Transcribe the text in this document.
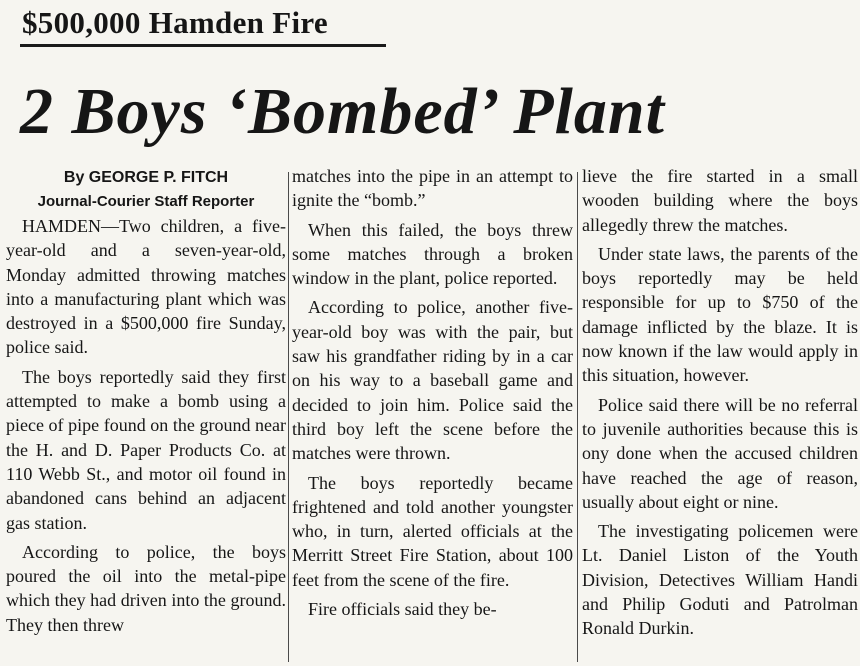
$500,000 Hamden Fire
2 Boys ‘Bombed’ Plant
By GEORGE P. FITCH
Journal-Courier Staff Reporter

HAMDEN—Two children, a five-year-old and a seven-year-old, Monday admitted throwing matches into a manufacturing plant which was destroyed in a $500,000 fire Sunday, police said.

The boys reportedly said they first attempted to make a bomb using a piece of pipe found on the ground near the H. and D. Paper Products Co. at 110 Webb St., and motor oil found in abandoned cans behind an adjacent gas station.

According to police, the boys poured the oil into the metal-pipe which they had driven into the ground. They then threw

matches into the pipe in an attempt to ignite the “bomb.”

When this failed, the boys threw some matches through a broken window in the plant, police reported.

According to police, another five-year-old boy was with the pair, but saw his grandfather riding by in a car on his way to a baseball game and decided to join him. Police said the third boy left the scene before the matches were thrown.

The boys reportedly became frightened and told another youngster who, in turn, alerted officials at the Merritt Street Fire Station, about 100 feet from the scene of the fire.

Fire officials said they be-

lieve the fire started in a small wooden building where the boys allegedly threw the matches.

Under state laws, the parents of the boys reportedly may be held responsible for up to $750 of the damage inflicted by the blaze. It is now known if the law would apply in this situation, however.

Police said there will be no referral to juvenile authorities because this is ony done when the accused children have reached the age of reason, usually about eight or nine.

The investigating policemen were Lt. Daniel Liston of the Youth Division, Detectives William Handi and Philip Goduti and Patrolman Ronald Durkin.
